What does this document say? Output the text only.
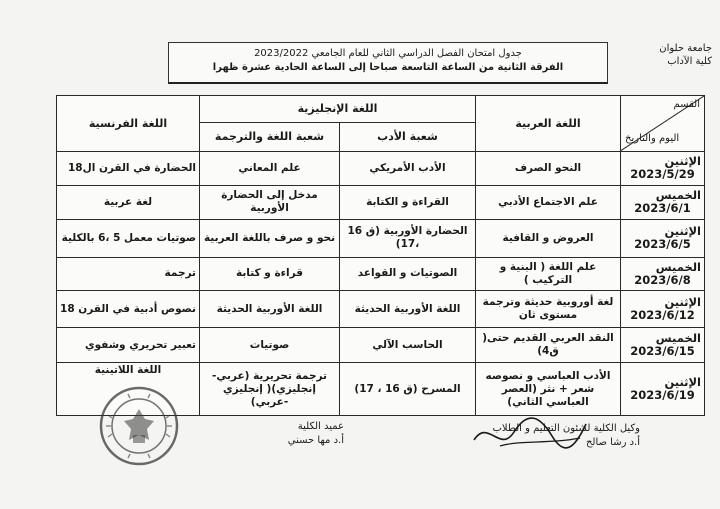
جامعة حلوان
كلية الآداب
جدول امتحان الفصل الدراسي الثاني للعام الجامعي 2023/2022
الفرقة الثانية من الساعة التاسعة صباحا إلى الساعة الحادية عشرة ظهرا
القسم
اليوم والتاريخ	اللغة العربية	اللغة الإنجليزية		اللغة الفرنسية
		شعبة الأدب	شعبة اللغة والترجمة	
الإثنين
2023/5/29	النحو الصرف	الأدب الأمريكي	علم المعاني	الحضارة في القرن ال18
الخميس
2023/6/1	علم الاجتماع الأدبي	القراءة و الكتابة	مدخل إلى الحضارة الأوربية	لغة عربية
الإثنين
2023/6/5	العروض و القافية	الحضارة الأوربية (ق 16 ،17)	نحو و صرف باللغة العربية	صوتيات معمل 5 ،6 بالكلية
الخميس
2023/6/8	علم اللغة ( البنية و التركيب )	الصوتيات و القواعد	قراءة و كتابة	ترجمة
الإثنين
2023/6/12	لغة أوروبية حديثة وترجمة مستوى ثان	اللغة الأوربية الحديثة	اللغة الأوربية الحديثة	نصوص أدبية في القرن 18
الخميس
2023/6/15	النقد العربي القديم حتى( ق4)	الحاسب الآلي	صوتيات	تعبير تحريري وشفوي
الإثنين
2023/6/19	الأدب العباسي و نصوصه شعر + نثر (العصر العباسي الثاني)	المسرح (ق 16 ، 17)	ترجمة تحريرية (عربي-إنجليزي)( إنجليزي -عربي)	اللغة اللاتينية
عميد الكلية
أ.د مها حسني
وكيل الكلية لشئون التعليم و الطلاب
أ.د رشا صالح
